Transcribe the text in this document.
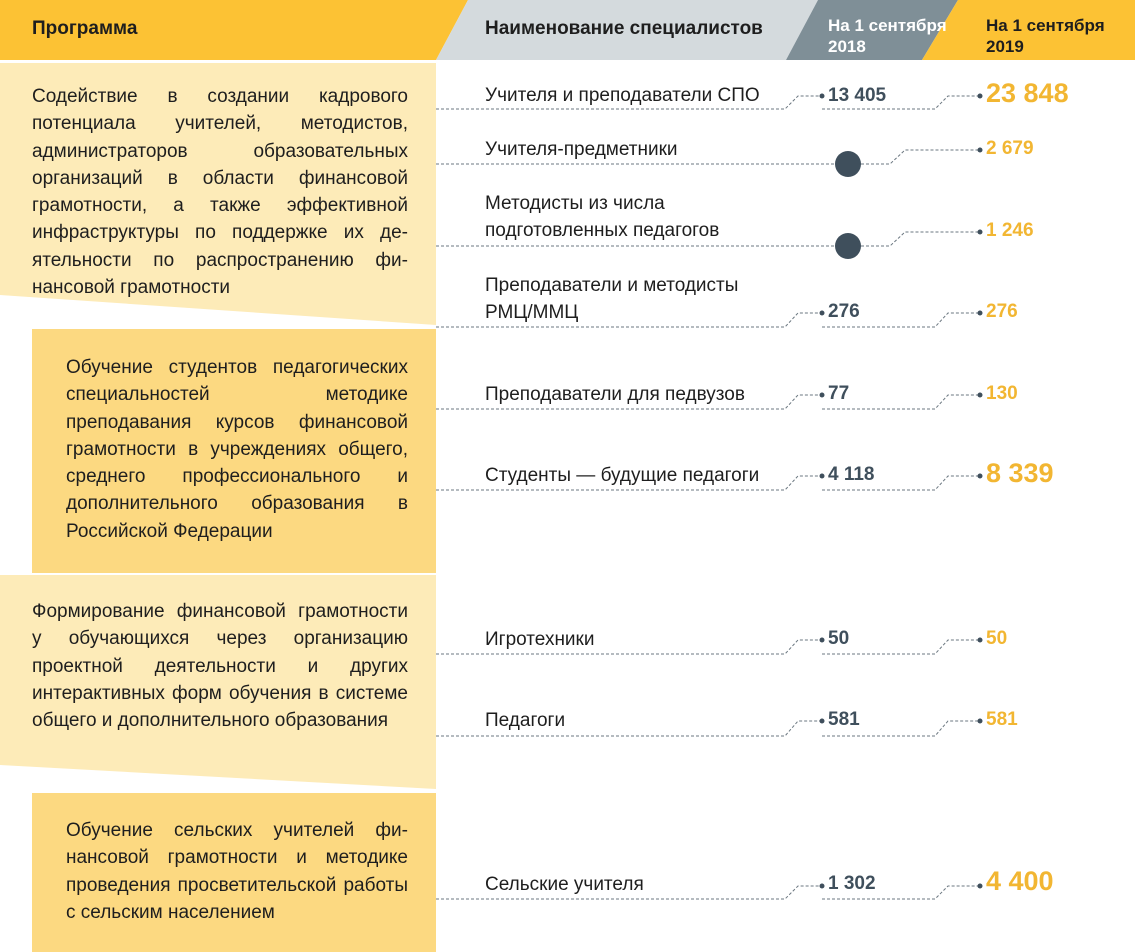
Программа	Наименование специалистов	На 1 сентября
2018
На 1 сентября
2019
Содействие в создании кадрового потенциала учителей, методистов, администраторов образовательных организаций в области финансовой грамотности, а также эффективной инфраструктуры по поддержке их деятельности по распространению финансовой грамотности
Обучение студентов педагогических специальностей методике преподавания курсов финансовой грамотности в учреждениях общего, среднего профессионального и дополнительного образования в Российской Федерации
Формирование финансовой грамотности у обучающихся через организацию проектной деятельности и других интерактивных форм обучения в системе общего и дополнительного образования
Обучение сельских учителей финансовой грамотности и методике проведения просветительской работы с сельским населением
Учителя и преподаватели СПО
Учителя-предметники
Методисты из числа
подготовленных педагогов
Преподаватели и методисты
РМЦ/ММЦ
Преподаватели для педвузов
Студенты — будущие педагоги
Игротехники
Педагоги
Сельские учителя
13 405
276
77
4 118
50
581
1 302
23 848
2 679
1 246
276
130
8 339
50
581
4 400
